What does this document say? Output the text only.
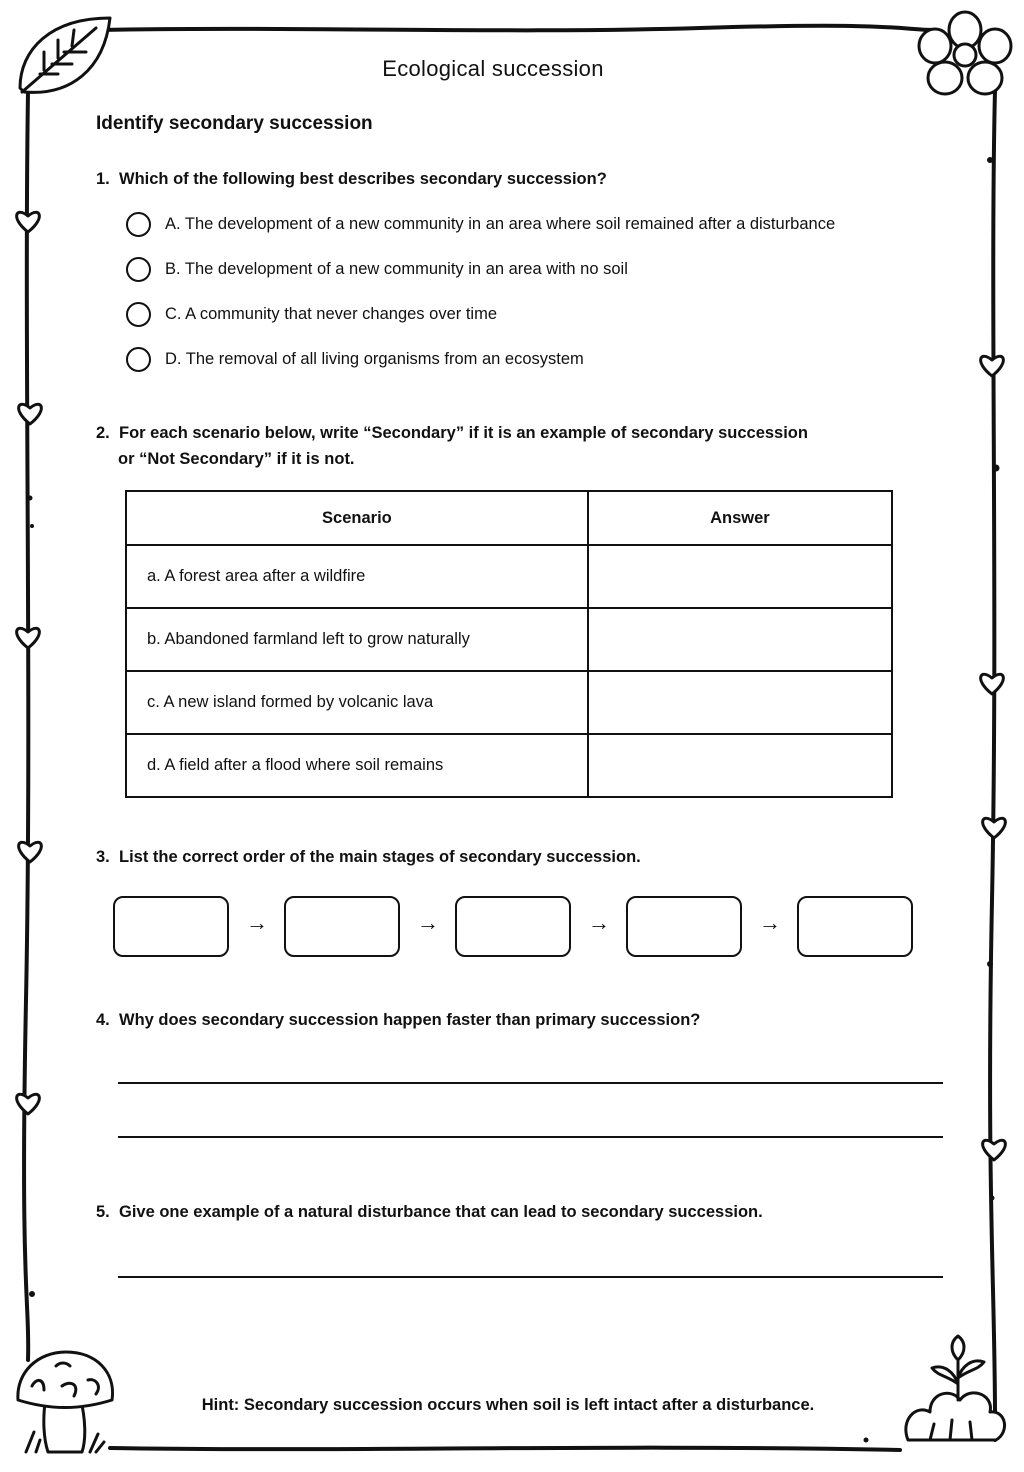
Ecological succession
Identify secondary succession
1. Which of the following best describes secondary succession?
A. The development of a new community in an area where soil remained after a disturbance
B. The development of a new community in an area with no soil
C. A community that never changes over time
D. The removal of all living organisms from an ecosystem
2. For each scenario below, write “Secondary” if it is an example of secondary succession
or “Not Secondary” if it is not.
Scenario	Answer
a. A forest area after a wildfire	
b. Abandoned farmland left to grow naturally	
c. A new island formed by volcanic lava	
d. A field after a flood where soil remains	
3. List the correct order of the main stages of secondary succession.
→	→	→	→
4. Why does secondary succession happen faster than primary succession?
5. Give one example of a natural disturbance that can lead to secondary succession.
Hint: Secondary succession occurs when soil is left intact after a disturbance.
